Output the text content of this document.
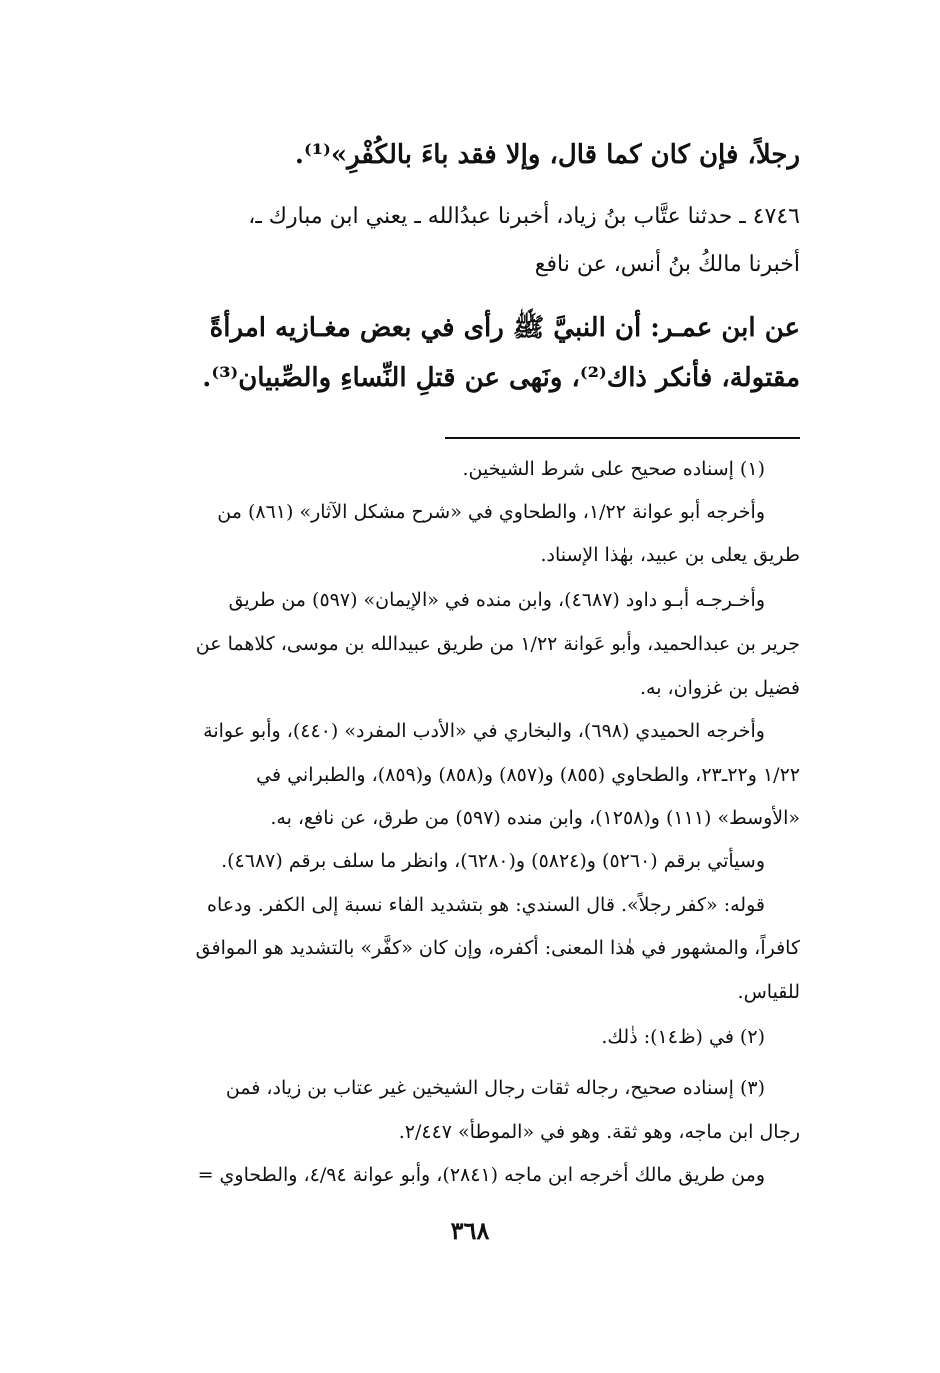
رجلاً، فإن كان كما قال، وإلا فقد باءَ بالكُفْرِ»⁽¹⁾.
٤٧٤٦ ـ حدثنا عتَّاب بنُ زياد، أخبرنا عبدُالله ـ يعني ابن مبارك ـ،
أخبرنا مالكُ بنُ أنس، عن نافع
عن ابن عمـر: أن النبيَّ ﷺ رأى في بعض مغـازيه امرأةً
مقتولة، فأنكر ذاك⁽²⁾، ونَهى عن قتلِ النِّساءِ والصِّبيان⁽³⁾.
(١) إسناده صحيح على شرط الشيخين.
وأخرجه أبو عوانة ١/٢٢، والطحاوي في «شرح مشكل الآثار» (٨٦١) من
طريق يعلى بن عبيد، بهٰذا الإسناد.
وأخـرجـه أبـو داود (٤٦٨٧)، وابن منده في «الإيمان» (٥٩٧) من طريق
جرير بن عبدالحميد، وأبو عَوانة ١/٢٢ من طريق عبيدالله بن موسى، كلاهما عن
فضيل بن غزوان، به.
وأخرجه الحميدي (٦٩٨)، والبخاري في «الأدب المفرد» (٤٤٠)، وأبو عوانة
١/٢٢ و٢٢ـ٢٣، والطحاوي (٨٥٥) و(٨٥٧) و(٨٥٨) و(٨٥٩)، والطبراني في
«الأوسط» (١١١) و(١٢٥٨)، وابن منده (٥٩٧) من طرق، عن نافع، به.
وسيأتي برقم (٥٢٦٠) و(٥٨٢٤) و(٦٢٨٠)، وانظر ما سلف برقم (٤٦٨٧).
قوله: «كفر رجلاً». قال السندي: هو بتشديد الفاء نسبة إلى الكفر. ودعاه
كافراً، والمشهور في هٰذا المعنى: أكفره، وإن كان «كفَّر» بالتشديد هو الموافق
للقياس.
(٢) في (ظ١٤): ذٰلك.
(٣) إسناده صحيح، رجاله ثقات رجال الشيخين غير عتاب بن زياد، فمن
رجال ابن ماجه، وهو ثقة. وهو في «الموطأ» ٢/٤٤٧.
ومن طريق مالك أخرجه ابن ماجه (٢٨٤١)، وأبو عوانة ٤/٩٤، والطحاوي =
٣٦٨
